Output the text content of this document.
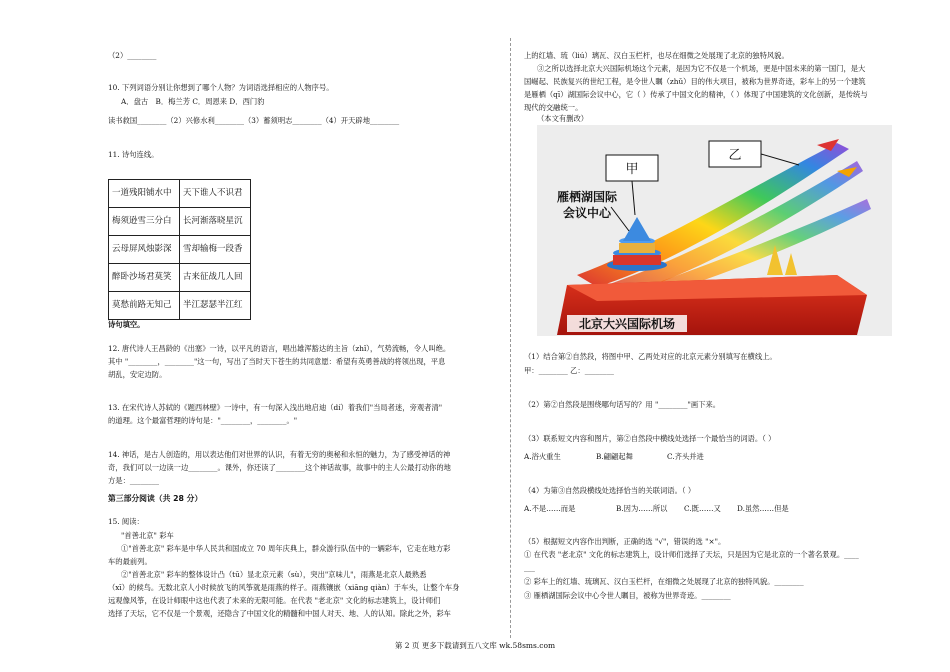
（2）________
10. 下列词语分别让你想到了哪个人物？为词语选择相应的人物序号。
A．盘古　B．梅兰芳 C．周恩来 D．西门豹
读书救国________（2）兴修水利________（3）蓄须明志________（4）开天辟地________
11. 诗句连线。
一道残阳铺水中	天下谁人不识君
梅须逊雪三分白	长河渐落晓星沉
云母屏风烛影深	雪却输梅一段香
醉卧沙场君莫笑	古来征战几人回
莫愁前路无知己	半江瑟瑟半江红
诗句填空。
12. 唐代诗人王昌龄的《出塞》一诗，以平凡的语言，唱出雄浑豁达的主旨（zhǐ），气势流畅，令人叫绝。
其中 "________，________"这一句，写出了当时天下苍生的共同意愿：希望有英勇善战的将领出现，平息
胡乱，安定边防。
13. 在宋代诗人苏轼的《题西林壁》一诗中，有一句深入浅出地启迪（dí）着我们"当局者迷，旁观者清"
的道理。这个最富哲理的诗句是："________，________。"
14. 神话，是古人创造的，用以表达他们对世界的认识，有着无穷的奥秘和永恒的魅力，为了感受神话的神
奇，我们可以一边读一边________。课外，你还读了________这个神话故事，故事中的主人公最打动你的地
方是：________
第三部分阅读（共 28 分）
15. 阅读：
"首善北京" 彩车
①"首善北京" 彩车是中华人民共和国成立 70 周年庆典上，群众游行队伍中的一辆彩车，它走在地方彩
车的最前列。
②"首善北京" 彩车的整体设计凸（tū）显北京元素（sù），突出"京味儿"，雨燕是北京人最熟悉
（xī）的候鸟。无数北京人小时候放飞的风筝就是雨燕的样子。雨燕镶嵌（xiāng qiàn）于车头，让整个车身
远观像风筝，在设计师眼中这也代表了未来的无限可能。在代表 "老北京" 文化的标志建筑上，设计师们
选择了天坛，它不仅是一个景观，还隐含了中国文化的精髓和中国人对天、地、人的认知。除此之外，彩车
上的红墙、琉（liú）璃瓦、汉白玉栏杆，也尽在细微之处展现了北京的独特风貌。
③之所以选择北京大兴国际机场这个元素，是因为它不仅是一个机场，更是中国未来的第一国门，是大
国崛起、民族复兴的世纪工程，是令世人瞩（zhǔ）目的伟大项目，被称为世界奇迹，彩车上的另一个建筑
是雁栖（qī）湖国际会议中心，它（ ）传承了中国文化的精神，（ ）体现了中国建筑的文化创新，是传统与
现代的交融统一。
（本文有删改）
乙
甲
雁栖湖国际
会议中心
北京大兴国际机场
（1）结合第②自然段，将图中甲、乙两处对应的北京元素分别填写在横线上。
甲：________ 乙：________
（2）第②自然段是围绕哪句话写的？用 "________"画下来。
（3）联系短文内容和图片，第②自然段中横线处选择一个最恰当的词语。（ ）
A.浴火重生	B.翩翩起舞	C.齐头并进
（4）为第③自然段横线处选择恰当的关联词语。（ ）
A.不是……而是	B.因为……所以 C.既……又 D.虽然……但是
（5）根据短文内容作出判断，正确的选 "√"，错误的选 "×"。
① 在代表 "老北京" 文化的标志建筑上，设计师们选择了天坛，只是因为它是北京的一个著名景观。____
___
② 彩车上的红墙、琉璃瓦、汉白玉栏杆，在细微之处展现了北京的独特风貌。________
③ 雁栖湖国际会议中心令世人瞩目，被称为世界奇迹。________
第 2 页 更多下载请到五八文库 wk.58sms.com
